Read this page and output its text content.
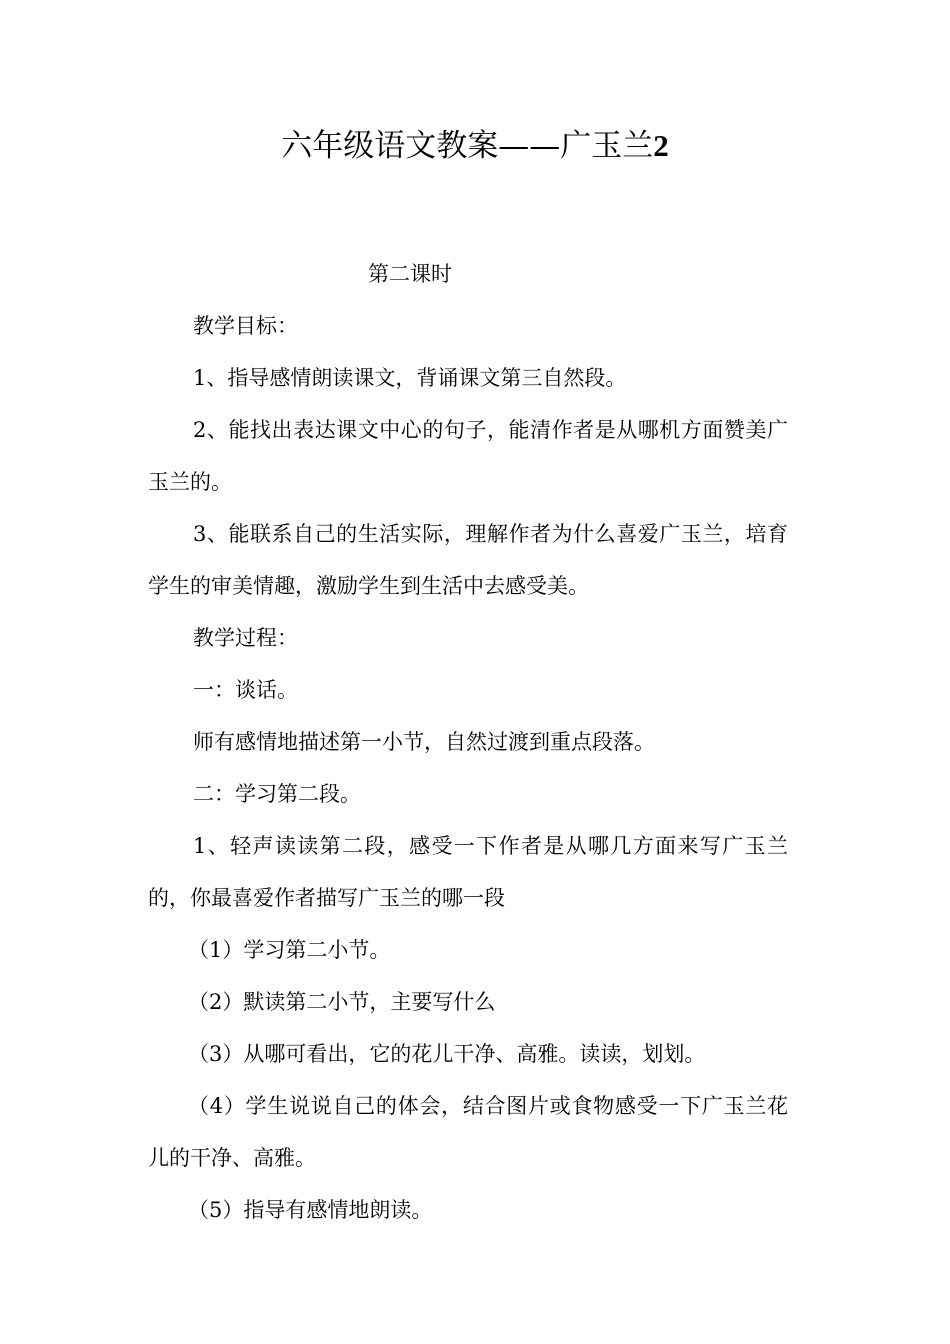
六年级语文教案——广玉兰2

第二课时

教学目标：

1、指导感情朗读课文，背诵课文第三自然段。

2、能找出表达课文中心的句子，能清作者是从哪机方面赞美广玉兰的。

3、能联系自己的生活实际，理解作者为什么喜爱广玉兰，培育学生的审美情趣，激励学生到生活中去感受美。

教学过程：

一：谈话。

师有感情地描述第一小节，自然过渡到重点段落。

二：学习第二段。

1、轻声读读第二段，感受一下作者是从哪几方面来写广玉兰的，你最喜爱作者描写广玉兰的哪一段

（1）学习第二小节。

（2）默读第二小节，主要写什么

（3）从哪可看出，它的花儿干净、高雅。读读，划划。

（4）学生说说自己的体会，结合图片或食物感受一下广玉兰花儿的干净、高雅。

（5）指导有感情地朗读。
